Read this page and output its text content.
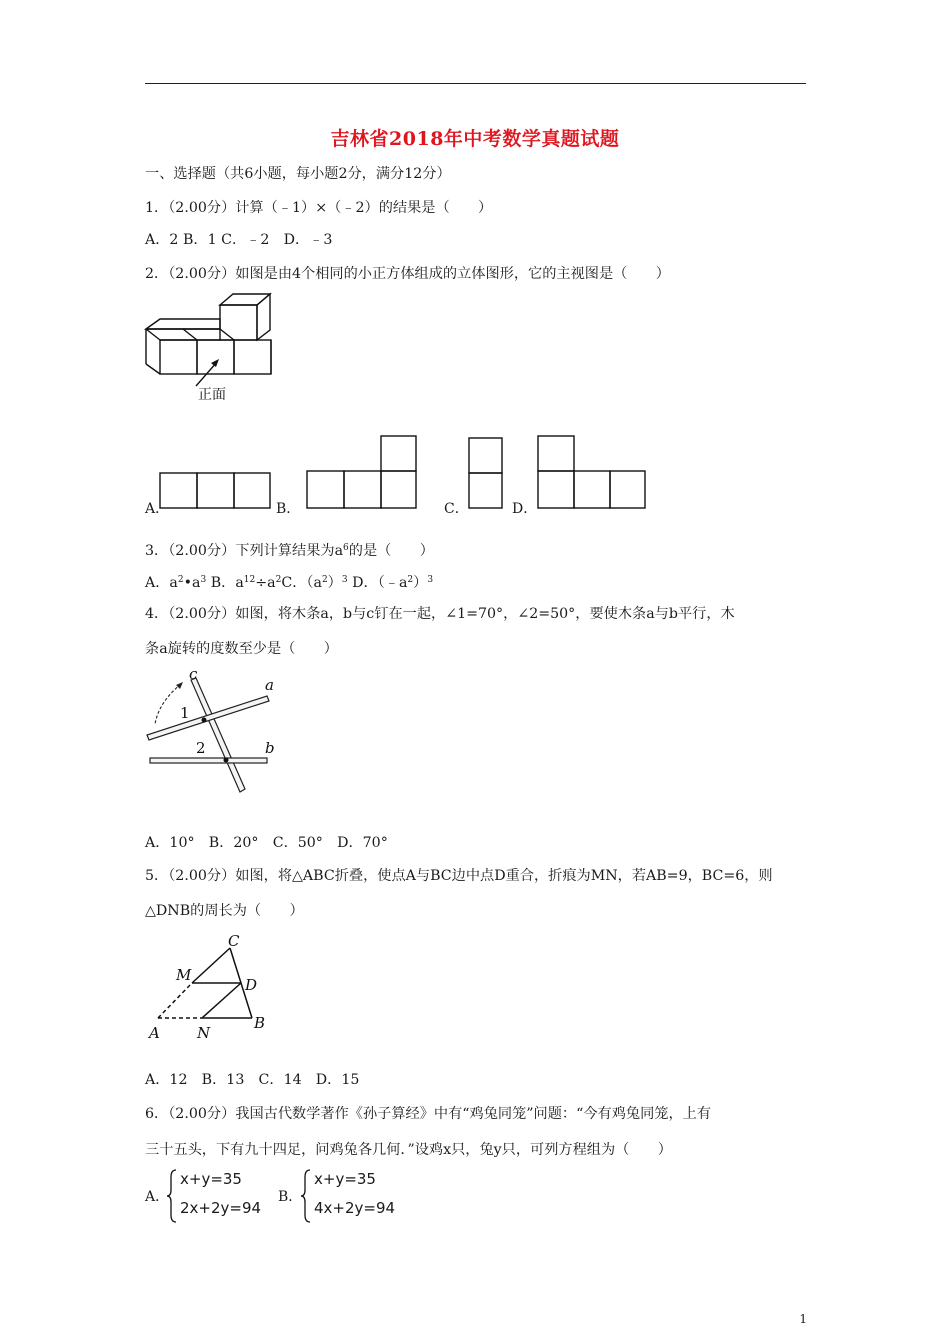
吉林省2018年中考数学真题试题
一、选择题（共6小题，每小题2分，满分12分）
1．（2.00分）计算（﹣1）×（﹣2）的结果是（　　）
A．2 B．1 C．﹣2　D．﹣3
2．（2.00分）如图是由4个相同的小正方体组成的立体图形，它的主视图是（　　）
正面
A．	B．	C．	D．
3．（2.00分）下列计算结果为$a^6$的是（　　）
A．$a^2•a^3$ B．$a^{12}\div a^2C$．$(a^2)^3$ D．$(﹣a^2)^3$
4．（2.00分）如图，将木条a，b与c钉在一起，∠1=70°，∠2=50°，要使木条a与b平行，木
条a旋转的度数至少是（　　）
c
a
b
1
2
A．10°　B．20°　C．50°　D．70°
5．（2.00分）如图，将△ABC折叠，使点A与BC边中点D重合，折痕为MN，若AB=9，BC=6，则
△DNB的周长为（　　）
C
M
D
A N
B
A．12　B．13　C．14　D．15
6．（2.00分）我国古代数学著作《孙子算经》中有“鸡兔同笼”问题：“今有鸡兔同笼，上有
三十五头，下有九十四足，问鸡兔各几何．”设鸡x只，兔y只，可列方程组为（　　）
A．
x+y=35
2x+2y=94
B．
x+y=35
4x+2y=94
1
